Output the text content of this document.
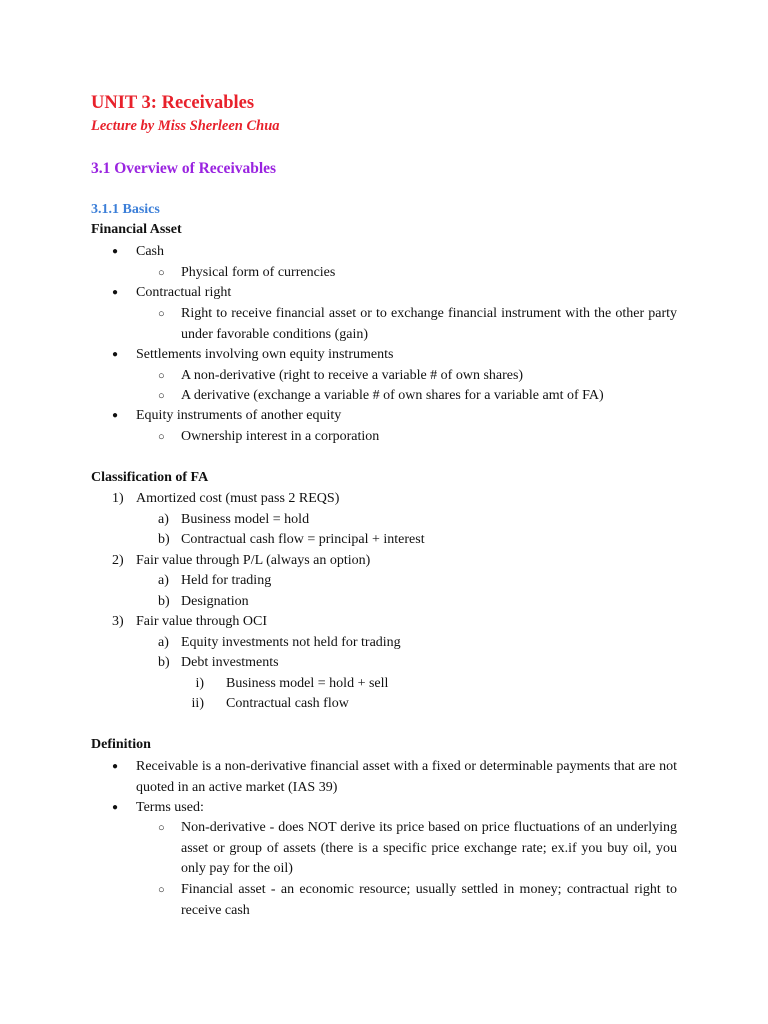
UNIT 3: Receivables
Lecture by Miss Sherleen Chua
3.1 Overview of Receivables
3.1.1 Basics
Financial Asset
● Cash
○ Physical form of currencies
● Contractual right
○ Right to receive financial asset or to exchange financial instrument with the other party under favorable conditions (gain)
● Settlements involving own equity instruments
○ A non-derivative (right to receive a variable # of own shares)
○ A derivative (exchange a variable # of own shares for a variable amt of FA)
● Equity instruments of another equity
○ Ownership interest in a corporation
Classification of FA
1) Amortized cost (must pass 2 REQS)
a) Business model = hold
b) Contractual cash flow = principal + interest
2) Fair value through P/L (always an option)
a) Held for trading
b) Designation
3) Fair value through OCI
a) Equity investments not held for trading
b) Debt investments
i) Business model = hold + sell
ii) Contractual cash flow
Definition
● Receivable is a non-derivative financial asset with a fixed or determinable payments that are not quoted in an active market (IAS 39)
● Terms used:
○ Non-derivative - does NOT derive its price based on price fluctuations of an underlying asset or group of assets (there is a specific price exchange rate; ex.if you buy oil, you only pay for the oil)
○ Financial asset - an economic resource; usually settled in money; contractual right to receive cash
